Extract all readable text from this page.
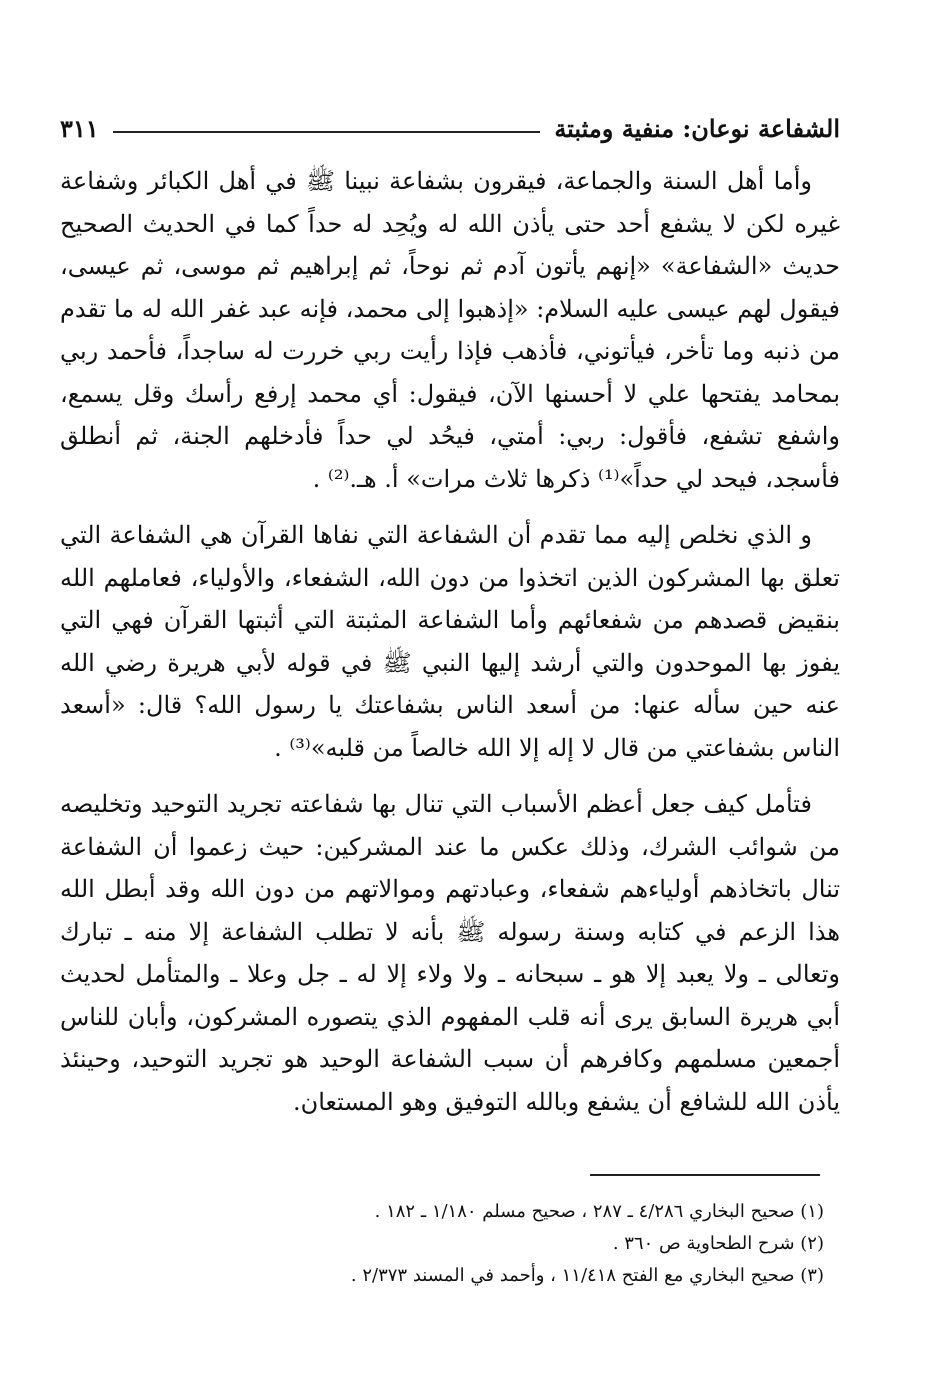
الشفاعة نوعان: منفية ومثبتة
٣١١

وأما أهل السنة والجماعة، فيقرون بشفاعة نبينا ﷺ في أهل الكبائر وشفاعة غيره لكن لا يشفع أحد حتى يأذن الله له ويُحِد له حداً كما في الحديث الصحيح حديث «الشفاعة» «إنهم يأتون آدم ثم نوحاً، ثم إبراهيم ثم موسى، ثم عيسى، فيقول لهم عيسى عليه السلام: «إذهبوا إلى محمد، فإنه عبد غفر الله له ما تقدم من ذنبه وما تأخر، فيأتوني، فأذهب فإذا رأيت ربي خررت له ساجداً، فأحمد ربي بمحامد يفتحها علي لا أحسنها الآن، فيقول: أي محمد إرفع رأسك وقل يسمع، واشفع تشفع، فأقول: ربي: أمتي، فيحُد لي حداً فأدخلهم الجنة، ثم أنطلق فأسجد، فيحد لي حداً»⁽¹⁾ ذكرها ثلاث مرات» أ. هـ.⁽²⁾ .

و الذي نخلص إليه مما تقدم أن الشفاعة التي نفاها القرآن هي الشفاعة التي تعلق بها المشركون الذين اتخذوا من دون الله، الشفعاء، والأولياء، فعاملهم الله بنقيض قصدهم من شفعائهم وأما الشفاعة المثبتة التي أثبتها القرآن فهي التي يفوز بها الموحدون والتي أرشد إليها النبي ﷺ في قوله لأبي هريرة رضي الله عنه حين سأله عنها: من أسعد الناس بشفاعتك يا رسول الله؟ قال: «أسعد الناس بشفاعتي من قال لا إله إلا الله خالصاً من قلبه»⁽³⁾ .

فتأمل كيف جعل أعظم الأسباب التي تنال بها شفاعته تجريد التوحيد وتخليصه من شوائب الشرك، وذلك عكس ما عند المشركين: حيث زعموا أن الشفاعة تنال باتخاذهم أولياءهم شفعاء، وعبادتهم وموالاتهم من دون الله وقد أبطل الله هذا الزعم في كتابه وسنة رسوله ﷺ بأنه لا تطلب الشفاعة إلا منه ـ تبارك وتعالى ـ ولا يعبد إلا هو ـ سبحانه ـ ولا ولاء إلا له ـ جل وعلا ـ والمتأمل لحديث أبي هريرة السابق يرى أنه قلب المفهوم الذي يتصوره المشركون، وأبان للناس أجمعين مسلمهم وكافرهم أن سبب الشفاعة الوحيد هو تجريد التوحيد، وحينئذ يأذن الله للشافع أن يشفع وبالله التوفيق وهو المستعان.

(١) صحيح البخاري ٤/٢٨٦ ـ ٢٨٧ ، صحيح مسلم ١/١٨٠ ـ ١٨٢ .

(٢) شرح الطحاوية ص ٣٦٠ .

(٣) صحيح البخاري مع الفتح ١١/٤١٨ ، وأحمد في المسند ٢/٣٧٣ .
